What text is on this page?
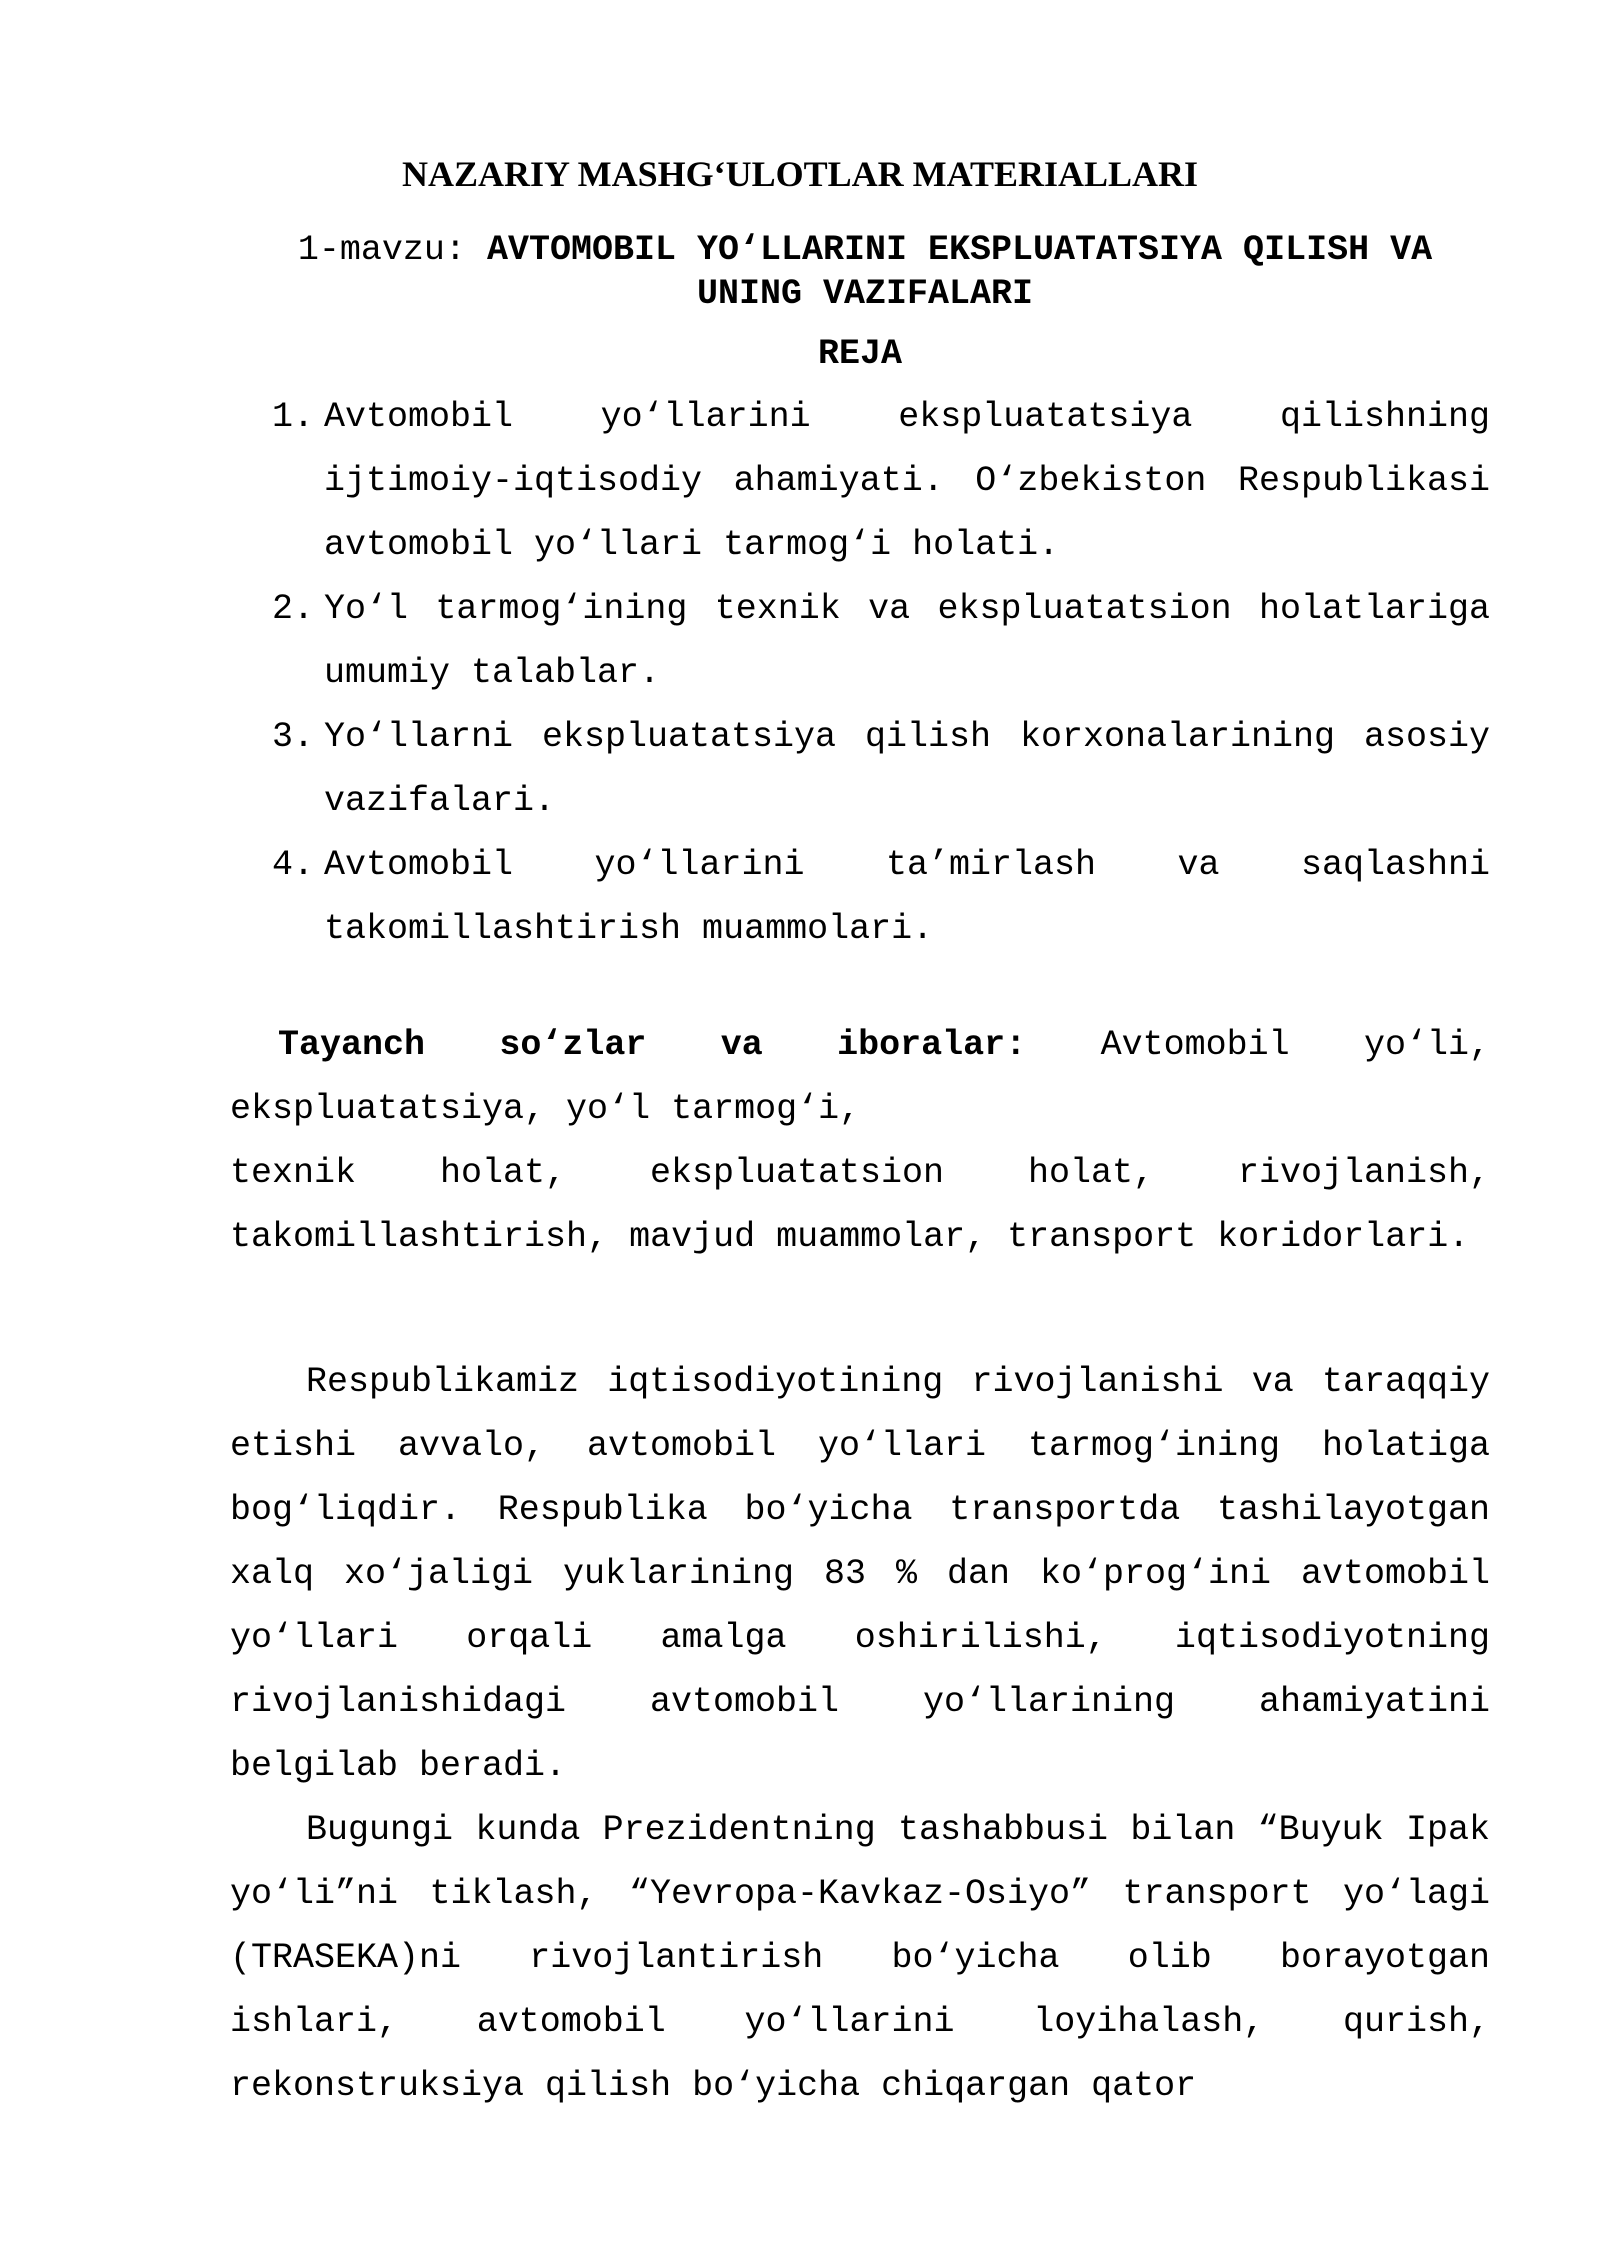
NAZARIY MASHG‘ULOTLAR MATERIALLARI
1-mavzu: AVTOMOBIL YO‘LLARINI EKSPLUATATSIYA QILISH VA UNING VAZIFALARI
REJA
1. Avtomobil yo‘llarini ekspluatatsiya qilishning ijtimoiy-iqtisodiy ahamiyati. O‘zbekiston Respublikasi avtomobil yo‘llari tarmog‘i holati.
2. Yo‘l tarmog‘ining texnik va ekspluatatsion holatlariga umumiy talablar.
3. Yo‘llarni ekspluatatsiya qilish korxonalarining asosiy vazifalari.
4. Avtomobil yo‘llarini ta’mirlash va saqlashni takomillashtirish muammolari.

Tayanch so‘zlar va iboralar: Avtomobil yo‘li, ekspluatatsiya, yo‘l tarmog‘i,
texnik holat, ekspluatatsion holat, rivojlanish, takomillashtirish, mavjud muammolar, transport koridorlari.

Respublikamiz iqtisodiyotining rivojlanishi va taraqqiy etishi avvalo, avtomobil yo‘llari tarmog‘ining holatiga bog‘liqdir. Respublika bo‘yicha transportda tashilayotgan xalq xo‘jaligi yuklarining 83 % dan ko‘prog‘ini avtomobil yo‘llari orqali amalga oshirilishi, iqtisodiyotning rivojlanishidagi avtomobil yo‘llarining ahamiyatini belgilab beradi.

Bugungi kunda Prezidentning tashabbusi bilan “Buyuk Ipak yo‘li”ni tiklash, “Yevropa-Kavkaz-Osiyo” transport yo‘lagi (TRASEKA)ni rivojlantirish bo‘yicha olib borayotgan ishlari, avtomobil yo‘llarini loyihalash, qurish, rekonstruksiya qilish bo‘yicha chiqargan qator
